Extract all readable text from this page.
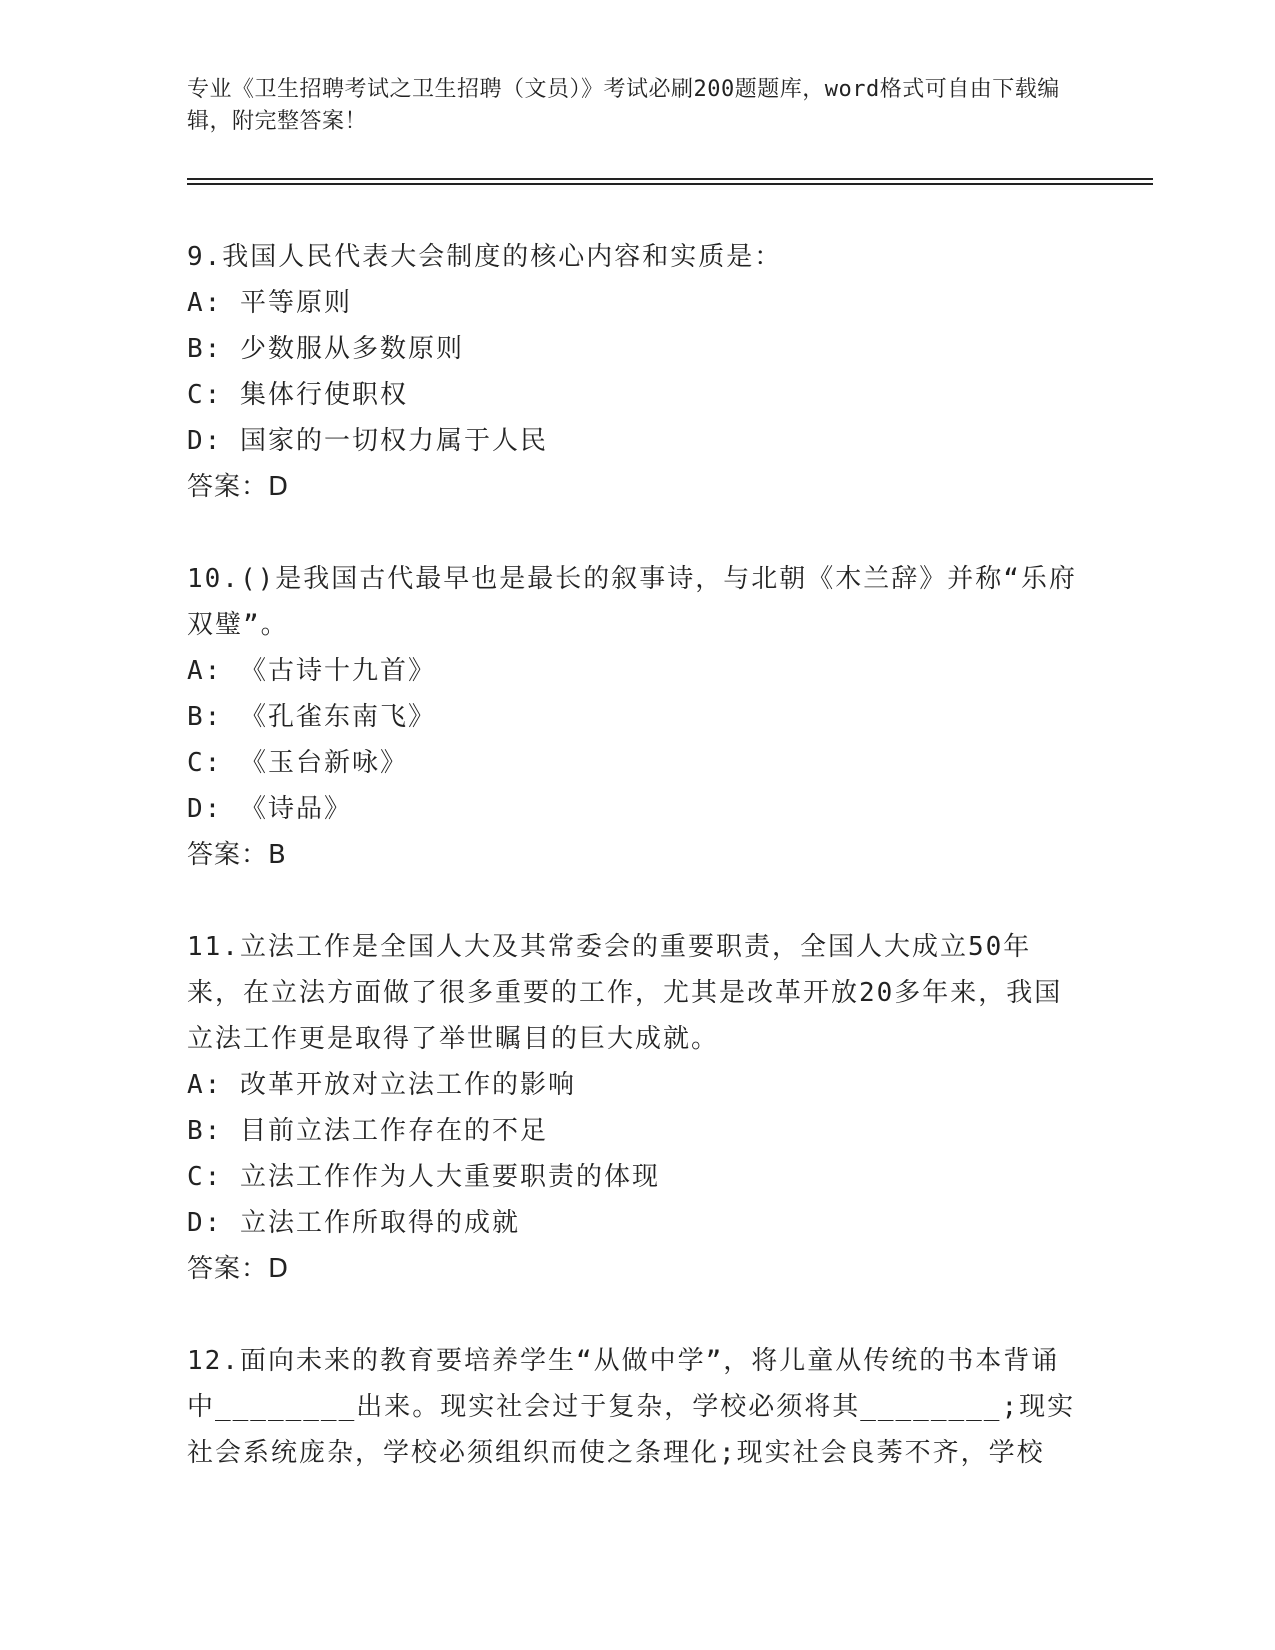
专业《卫生招聘考试之卫生招聘（文员）》考试必刷200题题库，word格式可自由下载编辑，附完整答案！

9.我国人民代表大会制度的核心内容和实质是：

A: 平等原则

B: 少数服从多数原则

C: 集体行使职权

D: 国家的一切权力属于人民

答案：D

10.()是我国古代最早也是最长的叙事诗，与北朝《木兰辞》并称“乐府双璧”。

A: 《古诗十九首》

B: 《孔雀东南飞》

C: 《玉台新咏》

D: 《诗品》

答案：B

11.立法工作是全国人大及其常委会的重要职责，全国人大成立50年来，在立法方面做了很多重要的工作，尤其是改革开放20多年来，我国立法工作更是取得了举世瞩目的巨大成就。

A: 改革开放对立法工作的影响

B: 目前立法工作存在的不足

C: 立法工作作为人大重要职责的体现

D: 立法工作所取得的成就

答案：D

12.面向未来的教育要培养学生“从做中学”，将儿童从传统的书本背诵中________出来。现实社会过于复杂，学校必须将其________;现实社会系统庞杂，学校必须组织而使之条理化;现实社会良莠不齐，学校
